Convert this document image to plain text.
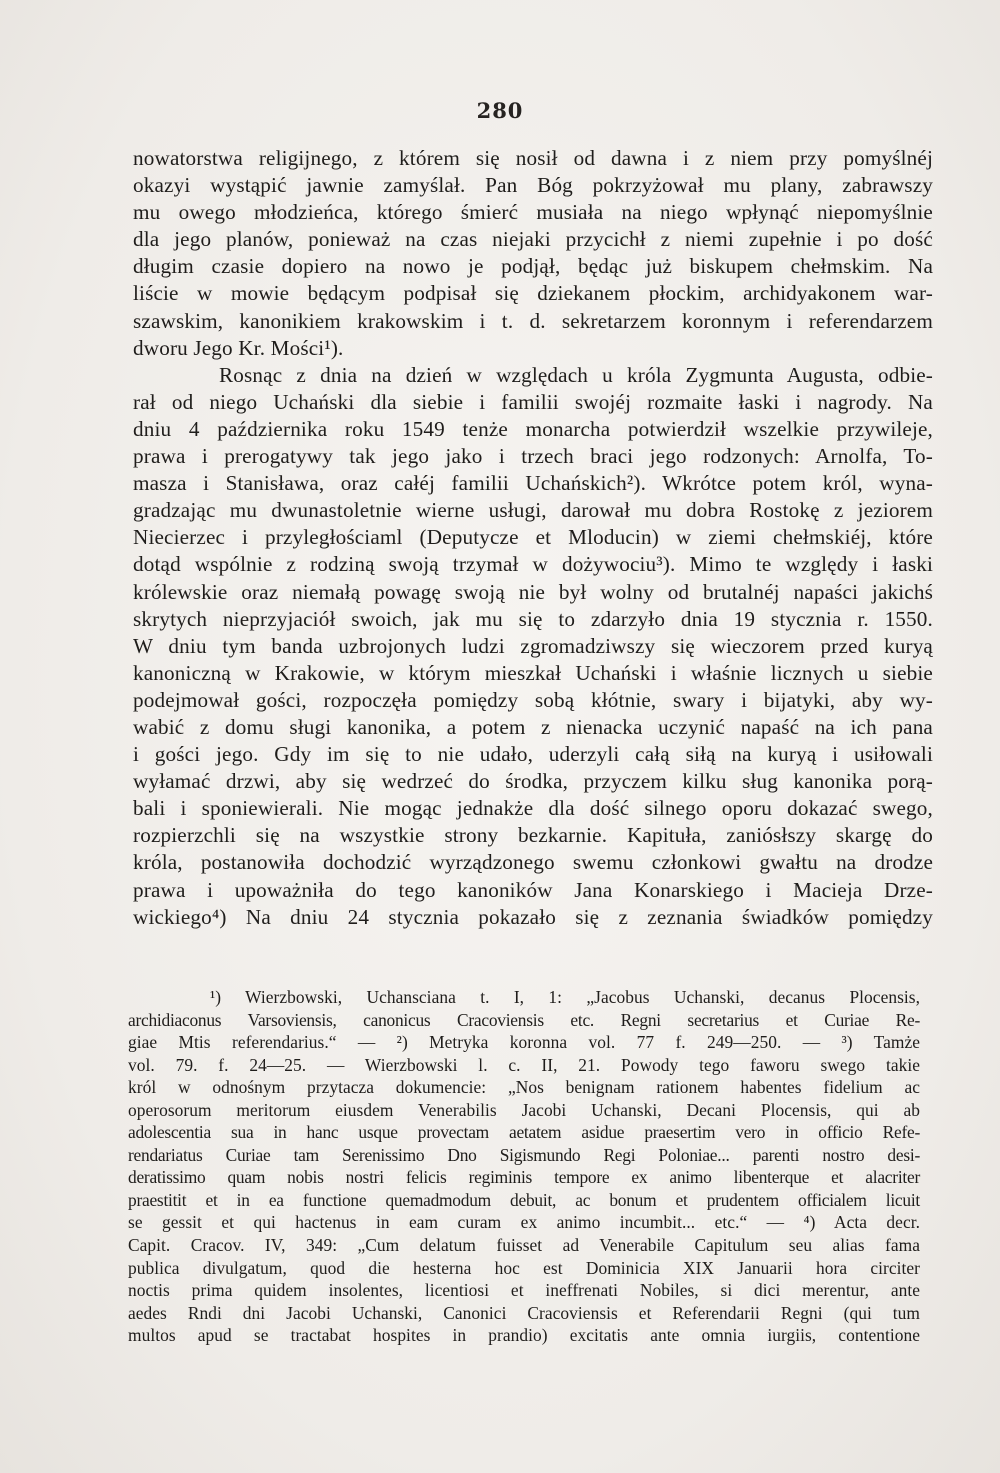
280
nowatorstwa religijnego, z którem się nosił od dawna i z niem przy pomyślnéj
okazyi wystąpić jawnie zamyślał. Pan Bóg pokrzyżował mu plany, zabrawszy
mu owego młodzieńca, którego śmierć musiała na niego wpłynąć niepomyślnie
dla jego planów, ponieważ na czas niejaki przycichł z niemi zupełnie i po dość
długim czasie dopiero na nowo je podjął, będąc już biskupem chełmskim. Na
liście w mowie będącym podpisał się dziekanem płockim, archidyakonem war-
szawskim, kanonikiem krakowskim i t. d. sekretarzem koronnym i referendarzem
dworu Jego Kr. Mości¹).
Rosnąc z dnia na dzień w względach u króla Zygmunta Augusta, odbie-
rał od niego Uchański dla siebie i familii swojéj rozmaite łaski i nagrody. Na
dniu 4 października roku 1549 tenże monarcha potwierdził wszelkie przywileje,
prawa i prerogatywy tak jego jako i trzech braci jego rodzonych: Arnolfa, To-
masza i Stanisława, oraz całéj familii Uchańskich²). Wkrótce potem król, wyna-
gradzając mu dwunastoletnie wierne usługi, darował mu dobra Rostokę z jeziorem
Niecierzec i przyległościaml (Deputycze et Mloducin) w ziemi chełmskiéj, które
dotąd wspólnie z rodziną swoją trzymał w dożywociu³). Mimo te względy i łaski
królewskie oraz niemałą powagę swoją nie był wolny od brutalnéj napaści jakichś
skrytych nieprzyjaciół swoich, jak mu się to zdarzyło dnia 19 stycznia r. 1550.
W dniu tym banda uzbrojonych ludzi zgromadziwszy się wieczorem przed kuryą
kanoniczną w Krakowie, w którym mieszkał Uchański i właśnie licznych u siebie
podejmował gości, rozpoczęła pomiędzy sobą kłótnie, swary i bijatyki, aby wy-
wabić z domu sługi kanonika, a potem z nienacka uczynić napaść na ich pana
i gości jego. Gdy im się to nie udało, uderzyli całą siłą na kuryą i usiłowali
wyłamać drzwi, aby się wedrzeć do środka, przyczem kilku sług kanonika porą-
bali i sponiewierali. Nie mogąc jednakże dla dość silnego oporu dokazać swego,
rozpierzchli się na wszystkie strony bezkarnie. Kapituła, zaniósłszy skargę do
króla, postanowiła dochodzić wyrządzonego swemu członkowi gwałtu na drodze
prawa i upoważniła do tego kanoników Jana Konarskiego i Macieja Drze-
wickiego⁴) Na dniu 24 stycznia pokazało się z zeznania świadków pomiędzy
¹) Wierzbowski, Uchansciana t. I, 1: „Jacobus Uchanski, decanus Plocensis,
archidiaconus Varsoviensis, canonicus Cracoviensis etc. Regni secretarius et Curiae Re-
giae Mtis referendarius.“ — ²) Metryka koronna vol. 77 f. 249—250. — ³) Tamże
vol. 79. f. 24—25. — Wierzbowski l. c. II, 21. Powody tego faworu swego takie
król w odnośnym przytacza dokumencie: „Nos benignam rationem habentes fidelium ac
operosorum meritorum eiusdem Venerabilis Jacobi Uchanski, Decani Plocensis, qui ab
adolescentia sua in hanc usque provectam aetatem asidue praesertim vero in officio Refe-
rendariatus Curiae tam Serenissimo Dno Sigismundo Regi Poloniae... parenti nostro desi-
deratissimo quam nobis nostri felicis regiminis tempore ex animo libenterque et alacriter
praestitit et in ea functione quemadmodum debuit, ac bonum et prudentem officialem licuit
se gessit et qui hactenus in eam curam ex animo incumbit... etc.“ — ⁴) Acta decr.
Capit. Cracov. IV, 349: „Cum delatum fuisset ad Venerabile Capitulum seu alias fama
publica divulgatum, quod die hesterna hoc est Dominicia XIX Januarii hora circiter
noctis prima quidem insolentes, licentiosi et ineffrenati Nobiles, si dici merentur, ante
aedes Rndi dni Jacobi Uchanski, Canonici Cracoviensis et Referendarii Regni (qui tum
multos apud se tractabat hospites in prandio) excitatis ante omnia iurgiis, contentione
